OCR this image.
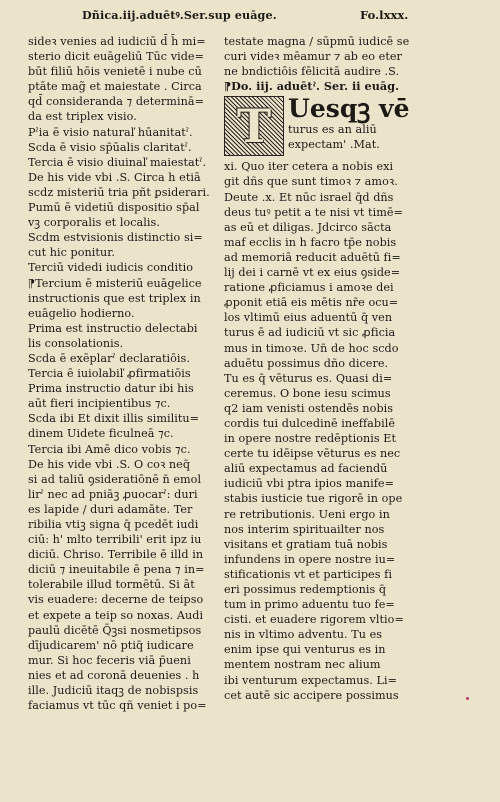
Dñica.iij.aduētꝰ.Ser.sup euāge.	Fo.lxxx.
sideꝛ venies ad iudiciū d̄ h̄ mi=
sterio dicit euāgeliū Tūc vide=
būt filiū hōis venietē i nube cū
ptāte mag̃ et maiestate . Circa
qd̄ consideranda ⁊ determinā=
da est triplex visio.
Pˀia ē visio naturaľ hūanitatˀ.
Scda ē visio sp̄ūalis claritatˀ.
Tercia ē visio diuinaľ maiestatˀ.
De his vide vbi .S. Circa h etiā
scdz misteriū tria pñt ꝑsiderari.
Pumū ē videtiū dispositio sp̄al
vꝫ corporalis et localis.
Scdm estvisionis distinctio si=
cut hic ponitur.
Terciū videdi iudicis conditio
⁋Tercium ē misteriū euāgelice
instructionis que est triplex in
euāgelio hodierno.
Prima est instructio delectabi
lis consolationis.
Scda ē exēplarˀ declaratiōis.
Tercia ē iuiolabiľ ꝓfirmatiōis
Prima instructio datur ibi his
aūt fieri incipientibus ⁊c.
Scda ibi Et dixit illis similitu=
dinem Uidete ficulneā ⁊c.
Tercia ibi Amē dico vobis ⁊c.
De his vide vbi .S. O coꝛ neq̄
si ad taliū ꝯsideratiōnē n̄ emol
lirˀ nec ad pniāꝫ ꝓuocarˀ: duri
es lapide / duri adamāte. Ter
ribilia vtiꝫ signa q̄ pcedēt iudi
ciū: h' mlto terribili' erit ipz iu
diciū. Chriso. Terribile ē illd in
diciū ⁊ ineuitabile ē pena ⁊ in=
tolerabile illud tormētū. Si āt
vis euadere: decerne de teipso
et expete a teip so noxas. Audi
paulū dicētē Q̄ꝫsi nosmetipsos
dījudicarem' nō ptiq̄ iudicare
mur. Si hoc feceris viā p̄ueni
nies et ad coronā deuenies . h
ille. Judiciū itaqꝫ de nobispsis
faciamus vt tūc qñ veniet i po=
testate magna / sūpmū iudicē se
curi videꝛ mēamur ⁊ ab eo eter
ne bndictiōis fēlicitā audire .S.
⁋Do. iij. aduētˀ. Ser. ii euāg.
T Uesqꝫ vē
turus es an aliū
expectam' .Mat.
xi. Quo iter cetera a nobis exi
git dñs que sunt timoꝛ ⁊ amoꝛ.
Deute .x. Et nūc israel q̄d dñs
deus tuꝰ petit a te nisi vt timē=
as eū et diligas. Jdcirco sācta
maf ecclis in h facro tp̄e nobis
ad memoriā reducit aduētū fi=
lij dei i carnē vt ex eius ꝯside=
ratione ꝓficiamus i amoꝛe dei
ꝓponit etiā eis mētis nr̄e ocu=
los vltimū eius aduentū q̄ ven
turus ē ad iudiciū vt sic ꝓficia
mus in timoꝛe. Un̄ de hoc scdo
aduētu possimus dño dicere.
Tu es q̄ vēturus es. Quasi di=
ceremus. O bone iesu scimus
q2 iam venisti ostendēs nobis
cordis tui dulcedinē ineffabilē
in opere nostre redēptionis Et
certe tu idēipse vēturus es nec
aliū expectamus ad faciendū
iudiciū vbi ptra ipios manife=
stabis iusticie tue rigorē in ope
re retributionis. Ueni ergo in
nos interim spirituailter nos
visitans et gratiam tuā nobis
infundens in opere nostre iu=
stificationis vt et participes fi
eri possimus redemptionis q̄
tum in primo aduentu tuo fe=
cisti. et euadere rigorem vltio=
nis in vltimo adventu. Tu es
enim ipse qui venturus es in
mentem nostram nec alium
ibi venturum expectamus. Li=
cet autē sic accipere possimus
